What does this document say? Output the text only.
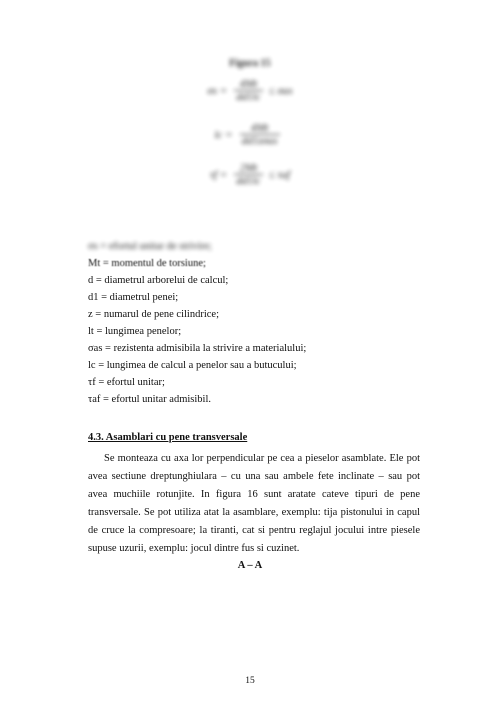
Figura 15
$\sigma s = \frac{4Mt}{dd1lc} \le \sigma as$
lc = $\frac{4Mt}{\text{dd1zσas}}$
$\tau f = \frac{2Mt}{dd1lc} \le \tau af$
σs = efortul unitar de strivire;
Mt = momentul de torsiune;
d = diametrul arborelui de calcul;
d1 = diametrul penei;
z = numarul de pene cilindrice;
lt = lungimea penelor;
σas = rezistenta admisibila la strivire a materialului;
lc = lungimea de calcul a penelor sau a butucului;
τf = efortul unitar;
τaf = efortul unitar admisibil.
4.3. Asamblari cu pene transversale
Se monteaza cu axa lor perpendicular pe cea a pieselor asamblate. Ele pot avea sectiune dreptunghiulara – cu una sau ambele fete inclinate – sau pot avea muchiile rotunjite. In figura 16 sunt aratate cateve tipuri de pene transversale. Se pot utiliza atat la asamblare, exemplu: tija pistonului in capul de cruce la compresoare; la tiranti, cat si pentru reglajul jocului intre piesele supuse uzurii, exemplu: jocul dintre fus si cuzinet.
A – A
15
